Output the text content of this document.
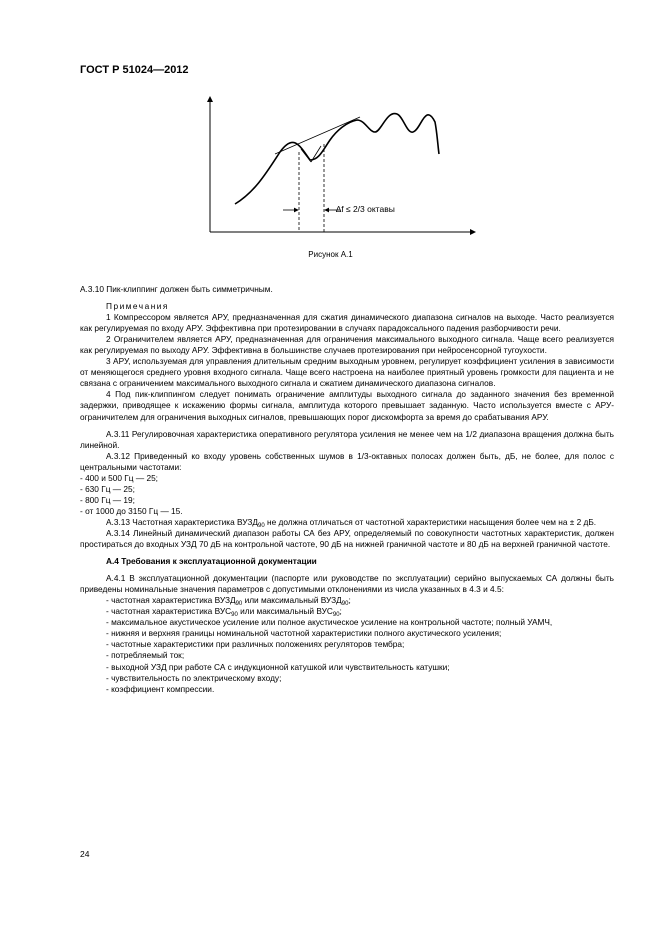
ГОСТ Р 51024—2012
∆f ≤ 2/3 октавы
Рисунок А.1

А.3.10 Пик-клиппинг должен быть симметричным.

Примечания

1 Компрессором является АРУ, предназначенная для сжатия динамического диапазона сигналов на выходе. Часто реализуется как регулируемая по входу АРУ. Эффективна при протезировании в случаях парадоксального падения разборчивости речи.

2 Ограничителем является АРУ, предназначенная для ограничения максимального выходного сигнала. Чаще всего реализуется как регулируемая по выходу АРУ. Эффективна в большинстве случаев протезирования при нейросенсорной тугоухости.

3 АРУ, используемая для управления длительным средним выходным уровнем, регулирует коэффициент усиления в зависимости от меняющегося среднего уровня входного сигнала. Чаще всего настроена на наиболее приятный уровень громкости для пациента и не связана с ограничением максимального выходного сигнала и сжатием динамического диапазона сигналов.

4 Под пик-клиппингом следует понимать ограничение амплитуды выходного сигнала до заданного значения без временной задержки, приводящее к искажению формы сигнала, амплитуда которого превышает заданную. Часто используется вместе с АРУ-ограничителем для ограничения выходных сигналов, превышающих порог дискомфорта за время до срабатывания АРУ.

А.3.11 Регулировочная характеристика оперативного регулятора усиления не менее чем на 1/2 диапазона вращения должна быть линейной.

А.3.12 Приведенный ко входу уровень собственных шумов в 1/3-октавных полосах должен быть, дБ, не более, для полос с центральными частотами:

- 400 и 500 Гц — 25;

- 630 Гц — 25;

- 800 Гц — 19;

- от 1000 до 3150 Гц — 15.

А.3.13 Частотная характеристика $ВУЗД_{90}$ не должна отличаться от частотной характеристики насыщения более чем на ± 2 дБ.

А.3.14 Линейный динамический диапазон работы СА без АРУ, определяемый по совокупности частотных характеристик, должен простираться до входных УЗД 70 дБ на контрольной частоте, 90 дБ на нижней граничной частоте и 80 дБ на верхней граничной частоте.

А.4 Требования к эксплуатационной документации

А.4.1 В эксплуатационной документации (паспорте или руководстве по эксплуатации) серийно выпускаемых СА должны быть приведены номинальные значения параметров с допустимыми отклонениями из числа указанных в 4.3 и 4.5:

- частотная характеристика $ВУЗД_{90}$ или максимальный $ВУЗД_{90}$;

- частотная характеристика $ВУС_{90}$ или максимальный $ВУС_{90}$;

- максимальное акустическое усиление или полное акустическое усиление на контрольной частоте; полный УАМЧ,

- нижняя и верхняя границы номинальной частотной характеристики полного акустического усиления;

- частотные характеристики при различных положениях регуляторов тембра;

- потребляемый ток;

- выходной УЗД при работе СА с индукционной катушкой или чувствительность катушки;

- чувствительность по электрическому входу;

- коэффициент компрессии.

24
